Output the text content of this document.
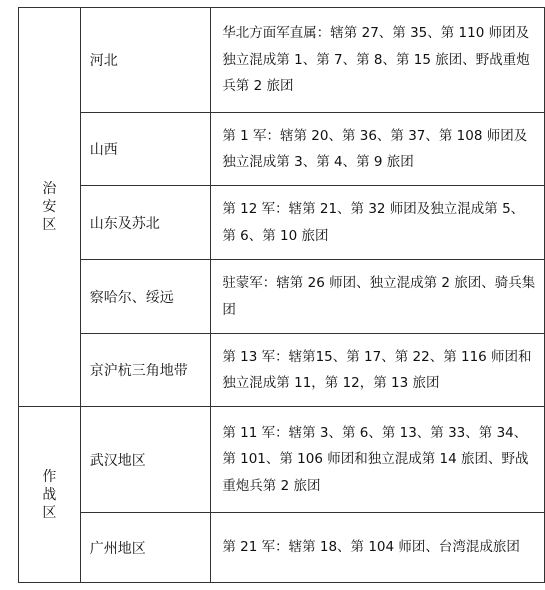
治安区	河北	华北方面军直属：辖第 27、第 35、第 110 师团及独立混成第 1、第 7、第 8、第 15 旅团、野战重炮兵第 2 旅团
	山西	第 1 军：辖第 20、第 36、第 37、第 108 师团及独立混成第 3、第 4、第 9 旅团
	山东及苏北	第 12 军：辖第 21、第 32 师团及独立混成第 5、第 6、第 10 旅团
	察哈尔、绥远	驻蒙军：辖第 26 师团、独立混成第 2 旅团、骑兵集团
	京沪杭三角地带	第 13 军：辖第15、第 17、第 22、第 116 师团和独立混成第 11，第 12，第 13 旅团
作战区	武汉地区	第 11 军：辖第 3、第 6、第 13、第 33、第 34、第 101、第 106 师团和独立混成第 14 旅团、野战重炮兵第 2 旅团
	广州地区	第 21 军：辖第 18、第 104 师团、台湾混成旅团
